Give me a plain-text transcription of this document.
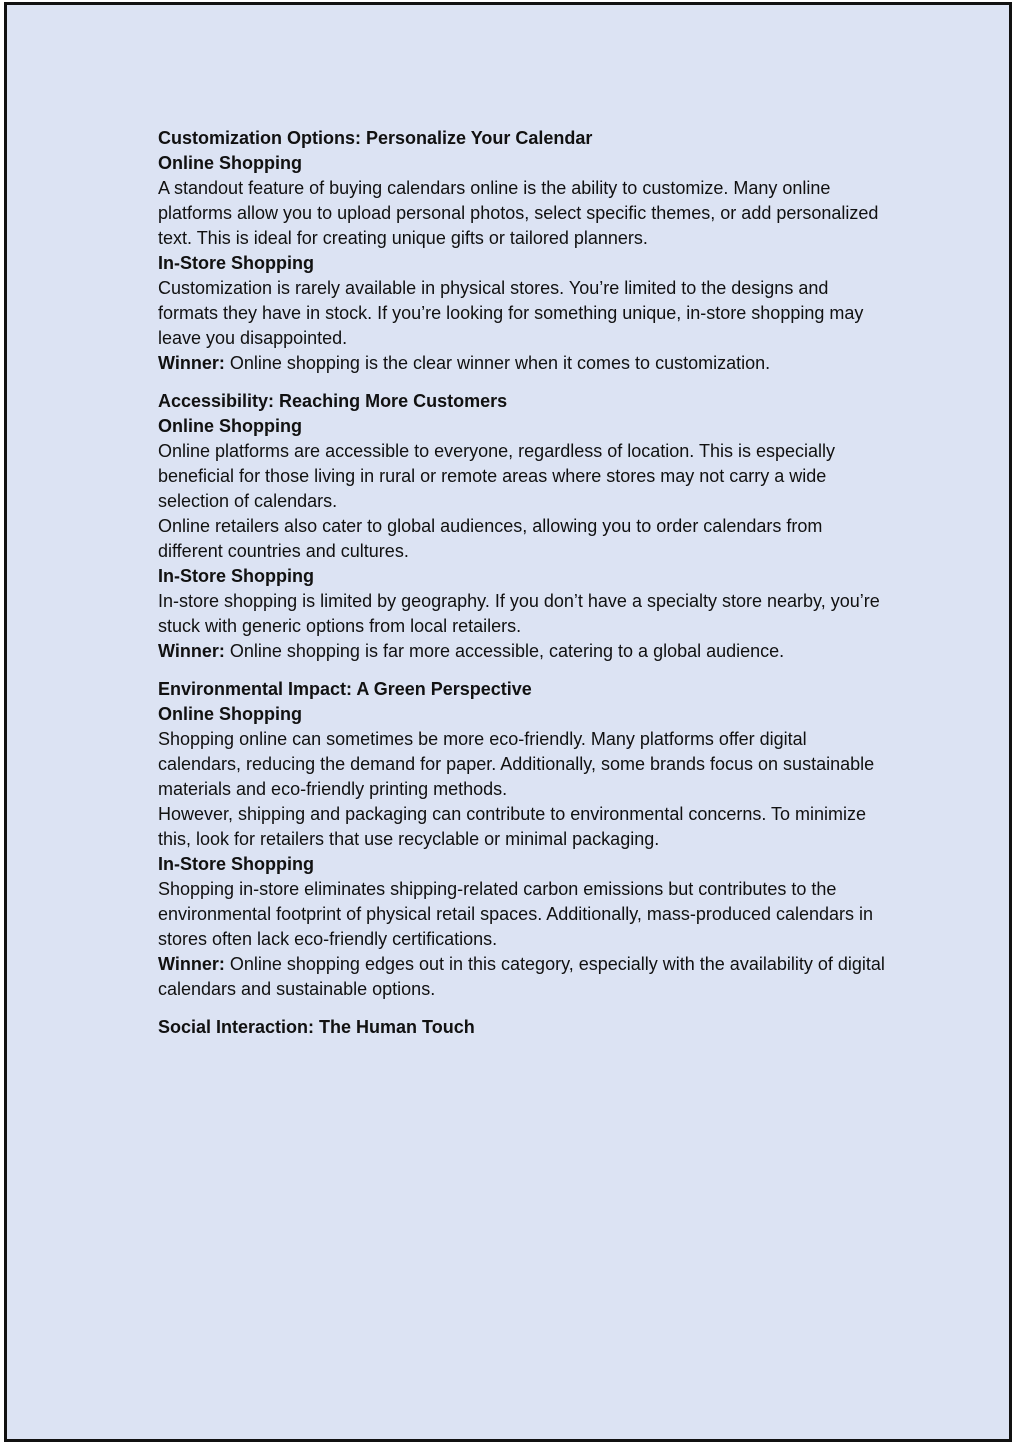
Customization Options: Personalize Your Calendar

Online Shopping

A standout feature of buying calendars online is the ability to customize. Many online platforms allow you to upload personal photos, select specific themes, or add personalized text. This is ideal for creating unique gifts or tailored planners.

In-Store Shopping

Customization is rarely available in physical stores. You’re limited to the designs and formats they have in stock. If you’re looking for something unique, in-store shopping may leave you disappointed.

Winner: Online shopping is the clear winner when it comes to customization.

Accessibility: Reaching More Customers

Online Shopping

Online platforms are accessible to everyone, regardless of location. This is especially beneficial for those living in rural or remote areas where stores may not carry a wide selection of calendars.

Online retailers also cater to global audiences, allowing you to order calendars from different countries and cultures.

In-Store Shopping

In-store shopping is limited by geography. If you don’t have a specialty store nearby, you’re stuck with generic options from local retailers.

Winner: Online shopping is far more accessible, catering to a global audience.

Environmental Impact: A Green Perspective

Online Shopping

Shopping online can sometimes be more eco-friendly. Many platforms offer digital calendars, reducing the demand for paper. Additionally, some brands focus on sustainable materials and eco-friendly printing methods.

However, shipping and packaging can contribute to environmental concerns. To minimize this, look for retailers that use recyclable or minimal packaging.

In-Store Shopping

Shopping in-store eliminates shipping-related carbon emissions but contributes to the environmental footprint of physical retail spaces. Additionally, mass-produced calendars in stores often lack eco-friendly certifications.

Winner: Online shopping edges out in this category, especially with the availability of digital calendars and sustainable options.

Social Interaction: The Human Touch
